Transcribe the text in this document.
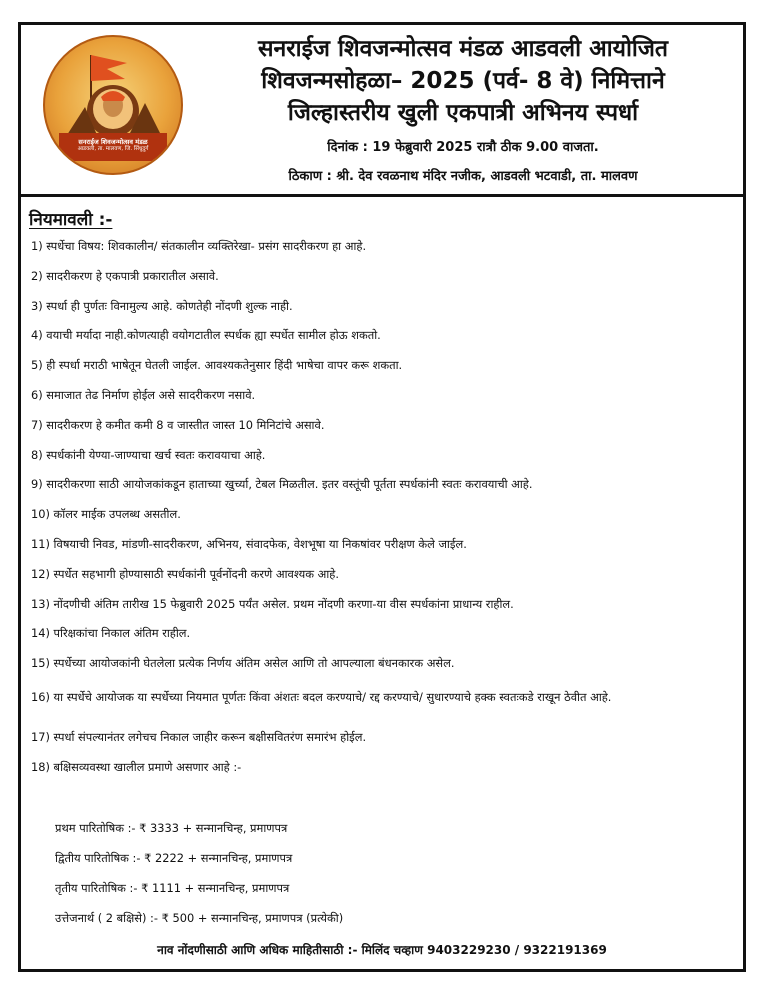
सनराईज शिवजन्मोत्सव मंडळ
आडवली, ता. मालवण, जि. सिंधुदुर्ग
सनराईज शिवजन्मोत्सव मंडळ आडवली आयोजित
शिवजन्मसोहळा– 2025 (पर्व- 8 वे) निमित्ताने
जिल्हास्तरीय खुली एकपात्री अभिनय स्पर्धा
दिनांक : 19 फेब्रुवारी 2025 रात्रौ ठीक 9.00 वाजता.
ठिकाण : श्री. देव रवळनाथ मंदिर नजीक, आडवली भटवाडी, ता. मालवण
नियमावली :-

1) स्पर्धेचा विषय: शिवकालीन/ संतकालीन व्यक्तिरेखा- प्रसंग सादरीकरण हा आहे.

2) सादरीकरण हे एकपात्री प्रकारातील असावे.

3) स्पर्धा ही पुर्णतः विनामुल्य आहे. कोणतेही नोंदणी शुल्क नाही.

4) वयाची मर्यादा नाही.कोणत्याही वयोगटातील स्पर्धक ह्या स्पर्धेत सामील होऊ शकतो.

5) ही स्पर्धा मराठी भाषेतून घेतली जाईल. आवश्यकतेनुसार हिंदी भाषेचा वापर करू शकता.

6) समाजात तेढ निर्माण होईल असे सादरीकरण नसावे.

7) सादरीकरण हे कमीत कमी 8 व जास्तीत जास्त 10 मिनिटांचे असावे.

8) स्पर्धकांनी येण्या-जाण्याचा खर्च स्वतः करावयाचा आहे.

9) सादरीकरणा साठी आयोजकांकडून हाताच्या खुर्च्या, टेबल मिळतील. इतर वस्तूंची पूर्तता स्पर्धकांनी स्वतः करावयाची आहे.

10) कॉलर माईक उपलब्ध असतील.

11) विषयाची निवड, मांडणी-सादरीकरण, अभिनय, संवादफेक, वेशभूषा या निकषांवर परीक्षण केले जाईल.

12) स्पर्धेत सहभागी होण्यासाठी स्पर्धकांनी पूर्वनोंदनी करणे आवश्यक आहे.

13) नोंदणीची अंतिम तारीख 15 फेब्रुवारी 2025 पर्यंत असेल. प्रथम नोंदणी करणा-या वीस स्पर्धकांना प्राधान्य राहील.

14) परिक्षकांचा निकाल अंतिम राहील.

15) स्पर्धेच्या आयोजकांनी घेतलेला प्रत्येक निर्णय अंतिम असेल आणि तो आपल्याला बंधनकारक असेल.

16) या स्पर्धेचे आयोजक या स्पर्धेच्या नियमात पूर्णतः किंवा अंशतः बदल करण्याचे/ रद्द करण्याचे/ सुधारण्याचे हक्क स्वतःकडे राखून ठेवीत आहे.

17) स्पर्धा संपल्यानंतर लगेचच निकाल जाहीर करून बक्षीसवितरंण समारंभ होईल.

18) बक्षिसव्यवस्था खालील प्रमाणे असणार आहे :-

प्रथम पारितोषिक :- ₹ 3333 + सन्मानचिन्ह, प्रमाणपत्र
द्वितीय पारितोषिक :- ₹ 2222 + सन्मानचिन्ह, प्रमाणपत्र
तृतीय पारितोषिक :- ₹ 1111 + सन्मानचिन्ह, प्रमाणपत्र
उत्तेजनार्थ ( 2 बक्षिसे) :- ₹ 500 + सन्मानचिन्ह, प्रमाणपत्र (प्रत्येकी)
नाव नोंदणीसाठी आणि अधिक माहितीसाठी :- मिलिंद चव्हाण 9403229230 / 9322191369
